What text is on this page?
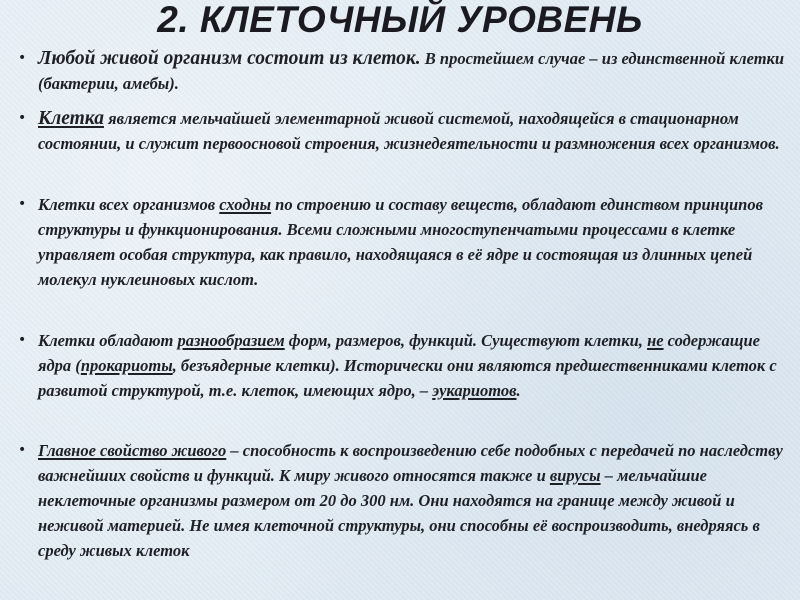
2. КЛЕТОЧНЫЙ УРОВЕНЬ
• Любой живой организм состоит из клеток. В простейшем случае – из единственной клетки (бактерии, амебы).
• Клетка является мельчайшей элементарной живой системой, находящейся в стационарном состоянии, и служит первоосновой строения, жизнедеятельности и размножения всех организмов.
• Клетки всех организмов сходны по строению и составу веществ, обладают единством принципов структуры и функционирования. Всеми сложными многоступенчатыми процессами в клетке управляет особая структура, как правило, находящаяся в её ядре и состоящая из длинных цепей молекул нуклеиновых кислот.
• Клетки обладают разнообразием форм, размеров, функций. Существуют клетки, не содержащие ядра (прокариоты, безъядерные клетки). Исторически они являются предшественниками клеток с развитой структурой, т.е. клеток, имеющих ядро, – эукариотов.
• Главное свойство живого – способность к воспроизведению себе подобных с передачей по наследству важнейших свойств и функций. К миру живого относятся также и вирусы – мельчайшие неклеточные организмы размером от 20 до 300 нм. Они находятся на границе между живой и неживой материей. Не имея клеточной структуры, они способны её воспроизводить, внедряясь в среду живых клеток
